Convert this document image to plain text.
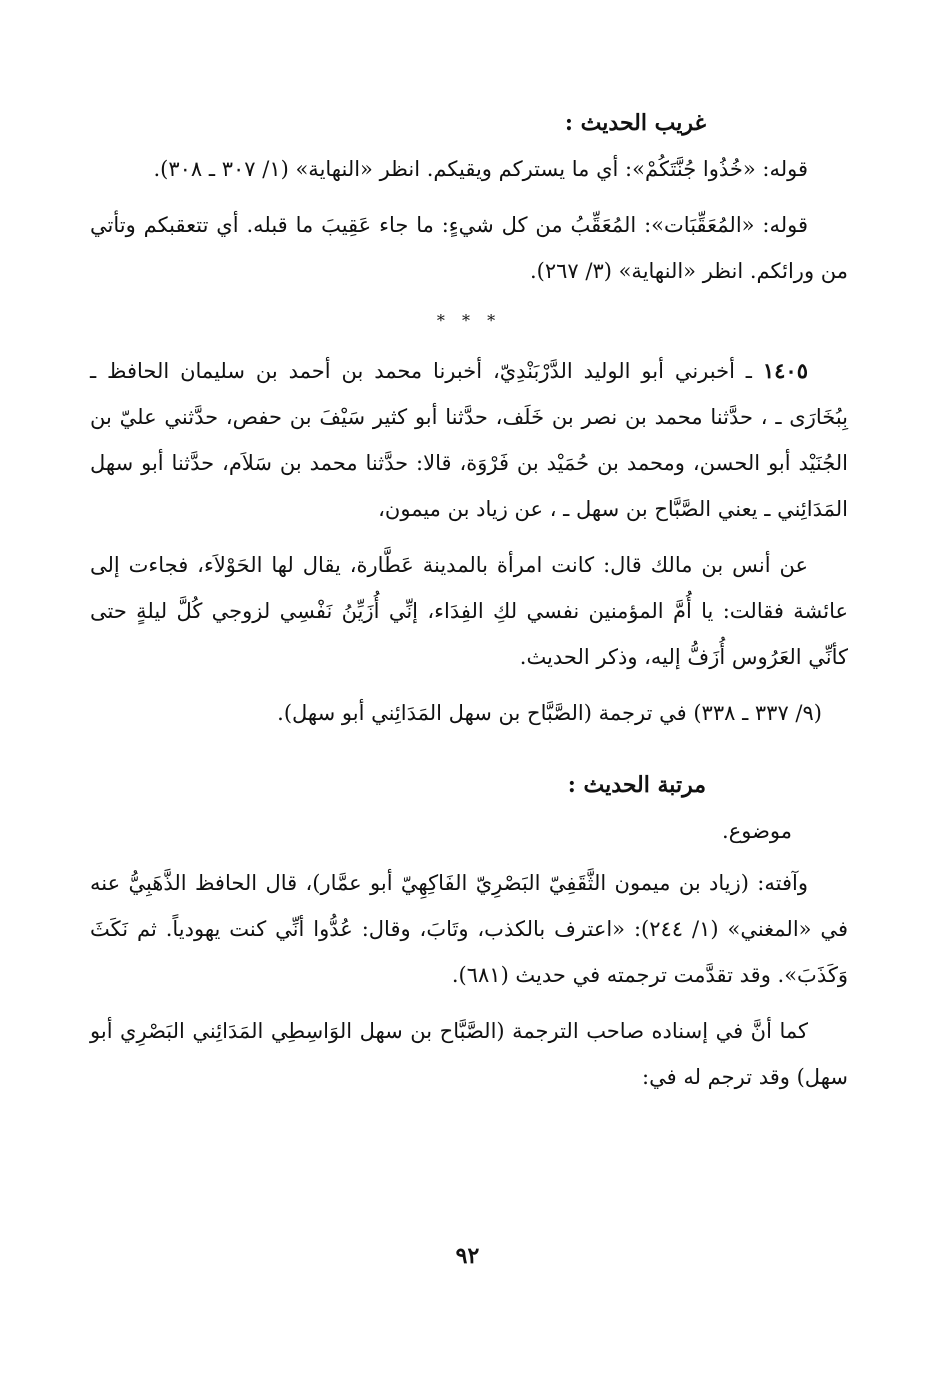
غريب الحديث :

قوله: «خُذُوا جُنَّتَكُمْ»: أي ما يستركم ويقيكم. انظر «النهاية» (١/ ٣٠٧ ـ ٣٠٨).

قوله: «المُعَقِّبَات»: المُعَقِّبُ من كل شيءٍ: ما جاء عَقِيبَ ما قبله. أي تتعقبكم وتأتي من ورائكم. انظر «النهاية» (٣/ ٢٦٧).

* * *

١٤٠٥ ـ أخبرني أبو الوليد الدَّرْبَنْدِيّ، أخبرنا محمد بن أحمد بن سليمان الحافظ ـ بِبُخَارَى ـ ، حدَّثنا محمد بن نصر بن خَلَف، حدَّثنا أبو كثير سَيْفَ بن حفص، حدَّثني عليّ بن الجُنَيْد أبو الحسن، ومحمد بن حُمَيْد بن فَرْوَة، قالا: حدَّثنا محمد بن سَلاَم، حدَّثنا أبو سهل المَدَائِني ـ يعني الصَّبَّاح بن سهل ـ ، عن زياد بن ميمون،

عن أنس بن مالك قال: كانت امرأة بالمدينة عَطَّارة، يقال لها الحَوْلاَء، فجاءت إلى عائشة فقالت: يا أُمَّ المؤمنين نفسي لكِ الفِدَاء، إنِّي أُزَيِّنُ نَفْسِي لزوجي كُلَّ ليلةٍ حتى كأنِّي العَرُوس أُزَفُّ إليه، وذكر الحديث.

(٩/ ٣٣٧ ـ ٣٣٨) في ترجمة (الصَّبَّاح بن سهل المَدَائِني أبو سهل).

مرتبة الحديث :

موضوع.

وآفته: (زياد بن ميمون الثَّقَفِيّ البَصْرِيّ الفَاكِهِيّ أبو عمَّار)، قال الحافظ الذَّهَبِيُّ عنه في «المغني» (١/ ٢٤٤): «اعترف بالكذب، وتَابَ، وقال: عُدُّوا أنِّي كنت يهودياً. ثم نَكَثَ وَكَذَبَ». وقد تقدَّمت ترجمته في حديث (٦٨١).

كما أنَّ في إسناده صاحب الترجمة (الصَّبَّاح بن سهل الوَاسِطِي المَدَائِني البَصْرِي أبو سهل) وقد ترجم له في:

٩٢
